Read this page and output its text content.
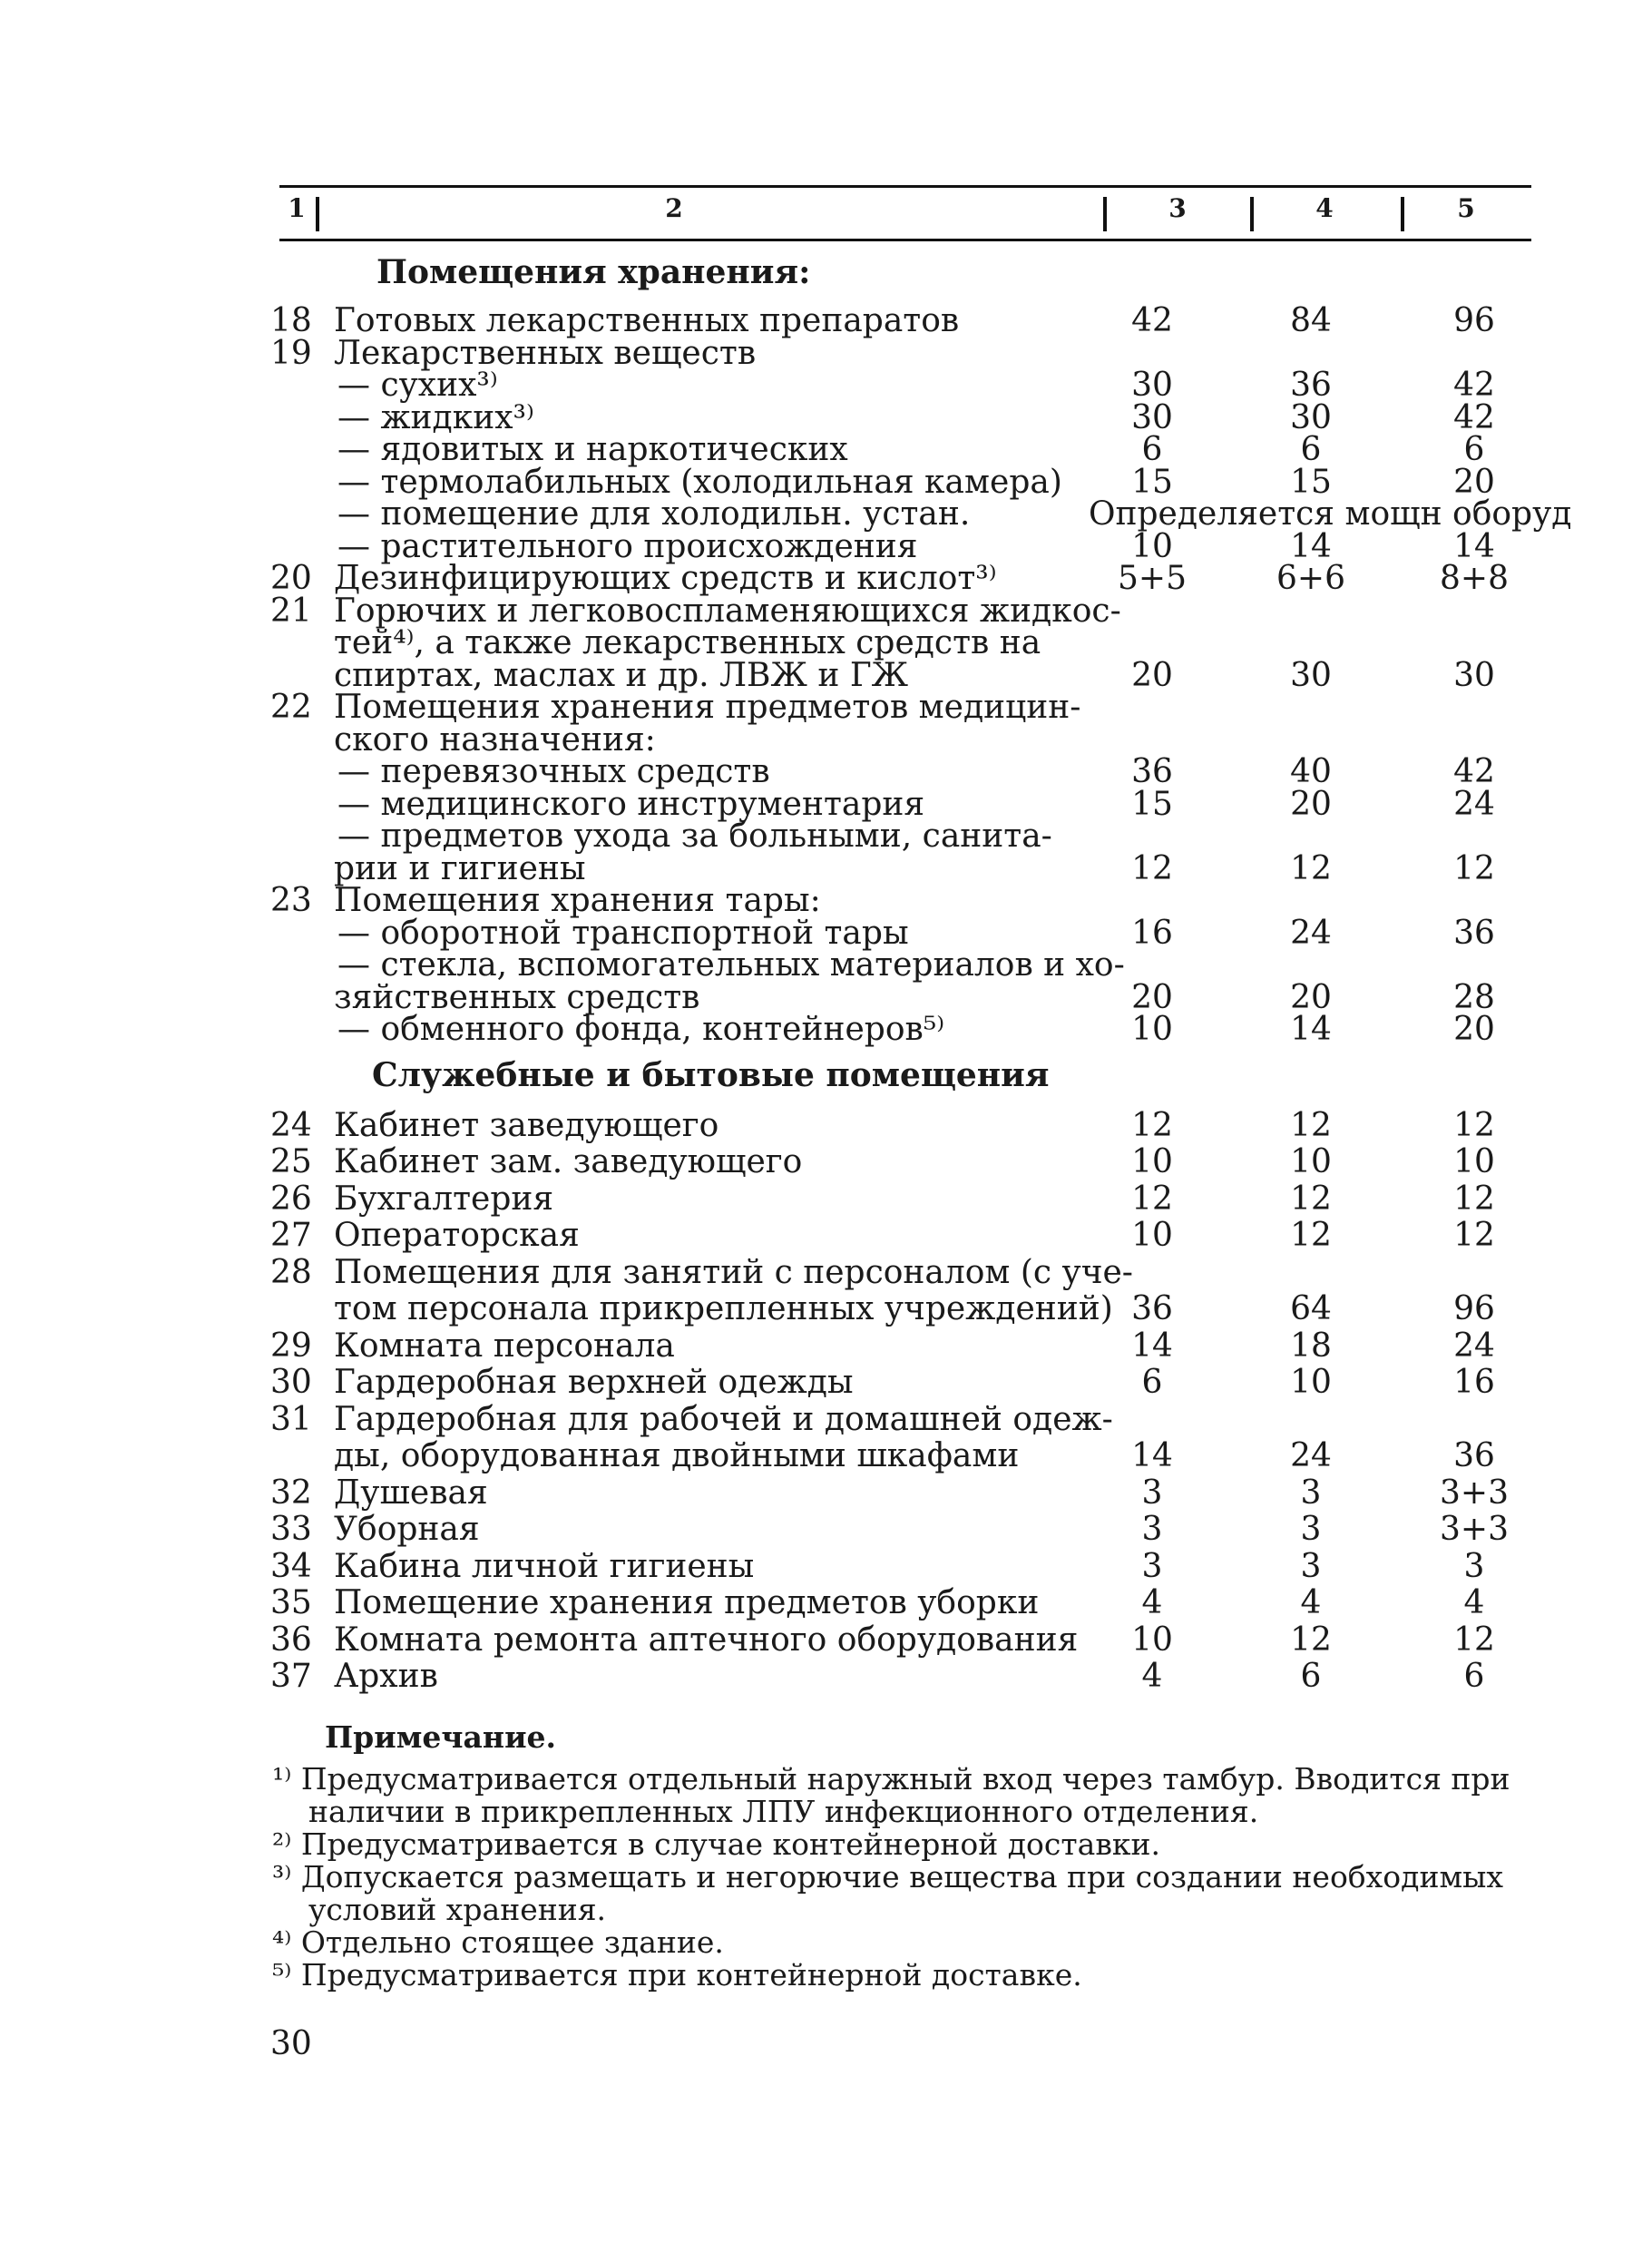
1	2	3	4	5
Помещения хранения:
18 Готовых лекарственных препаратов	42	84	96
19 Лекарственных веществ
— сухих³⁾	30	36	42
— жидких³⁾	30	30	42
— ядовитых и наркотических	6	6	6
— термолабильных (холодильная камера)	15	15	20
— помещение для холодильн. устан.	Определяется мощн оборуд
— растительного происхождения	10	14	14
20 Дезинфицирующих средств и кислот³⁾	5+5	6+6	8+8
21 Горючих и легковоспламеняющихся жидкос-
тей⁴⁾, а также лекарственных средств на
спиртах, маслах и др. ЛВЖ и ГЖ	20	30	30
22 Помещения хранения предметов медицин-
ского назначения:
— перевязочных средств	36	40	42
— медицинского инструментария	15	20	24
— предметов ухода за больными, санита-
рии и гигиены	12	12	12
23 Помещения хранения тары:
— оборотной транспортной тары	16	24	36
— стекла, вспомогательных материалов и хо-
зяйственных средств	20	20	28
— обменного фонда, контейнеров⁵⁾	10	14	20
Служебные и бытовые помещения
24 Кабинет заведующего	12	12	12
25 Кабинет зам. заведующего	10	10	10
26 Бухгалтерия	12	12	12
27 Операторская	10	12	12
28 Помещения для занятий с персоналом (с уче-
том персонала прикрепленных учреждений) 36	64	96
29 Комната персонала	14	18	24
30 Гардеробная верхней одежды	6	10	16
31 Гардеробная для рабочей и домашней одеж-
ды, оборудованная двойными шкафами	14	24	36
32 Душевая	3	3	3+3
33 Уборная	3	3	3+3
34 Кабина личной гигиены	3	3	3
35 Помещение хранения предметов уборки	4	4	4
36 Комната ремонта аптечного оборудования	10	12	12
37 Архив	4	6	6
Примечание.
¹⁾ Предусматривается отдельный наружный вход через тамбур. Вводится при
наличии в прикрепленных ЛПУ инфекционного отделения.
²⁾ Предусматривается в случае контейнерной доставки.
³⁾ Допускается размещать и негорючие вещества при создании необходимых
условий хранения.
⁴⁾ Отдельно стоящее здание.
⁵⁾ Предусматривается при контейнерной доставке.
30
